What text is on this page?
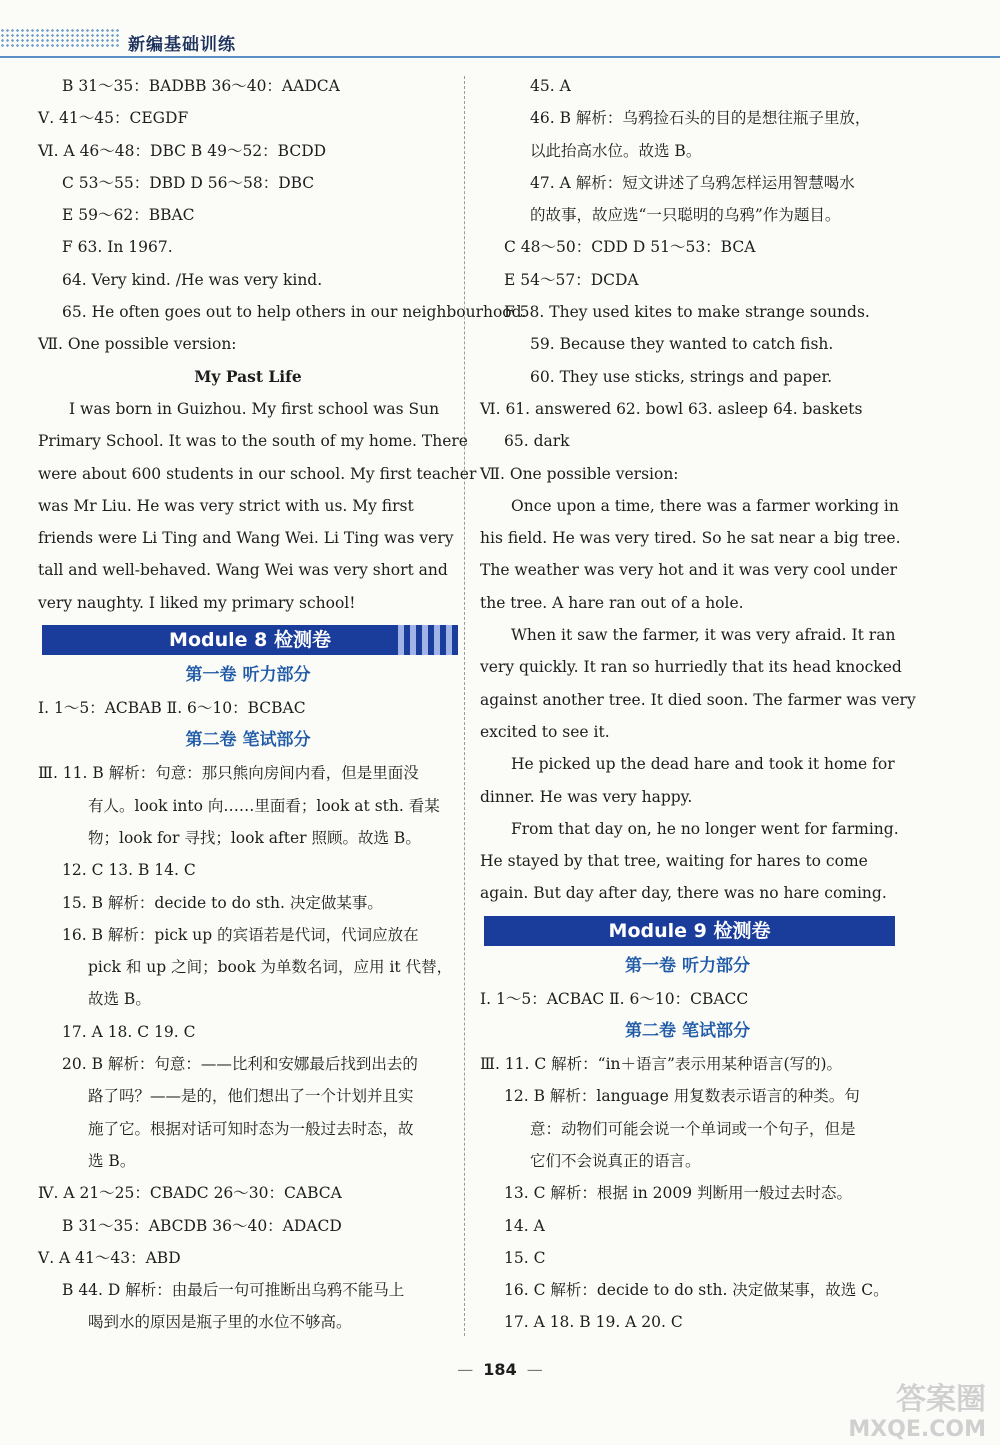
新编基础训练
B 31～35：BADBB 36～40：AADCA
Ⅴ. 41～45：CEGDF
Ⅵ. A 46～48：DBC B 49～52：BCDD
C 53～55：DBD D 56～58：DBC
E 59～62：BBAC
F 63. In 1967.
64. Very kind. /He was very kind.
65. He often goes out to help others in our neighbourhood.
Ⅶ. One possible version:
My Past Life
I was born in Guizhou. My first school was Sun
Primary School. It was to the south of my home. There
were about 600 students in our school. My first teacher
was Mr Liu. He was very strict with us. My first
friends were Li Ting and Wang Wei. Li Ting was very
tall and well-behaved. Wang Wei was very short and
very naughty. I liked my primary school!
Module 8 检测卷
第一卷 听力部分
Ⅰ. 1～5：ACBAB Ⅱ. 6～10：BCBAC
第二卷 笔试部分
Ⅲ. 11. B 解析：句意：那只熊向房间内看，但是里面没
有人。look into 向……里面看；look at sth. 看某
物；look for 寻找；look after 照顾。故选 B。
12. C 13. B 14. C
15. B 解析：decide to do sth. 决定做某事。
16. B 解析：pick up 的宾语若是代词，代词应放在
pick 和 up 之间；book 为单数名词，应用 it 代替，
故选 B。
17. A 18. C 19. C
20. B 解析：句意：——比利和安娜最后找到出去的
路了吗？——是的，他们想出了一个计划并且实
施了它。根据对话可知时态为一般过去时态，故
选 B。
Ⅳ. A 21～25：CBADC 26～30：CABCA
B 31～35：ABCDB 36～40：ADACD
Ⅴ. A 41～43：ABD
B 44. D 解析：由最后一句可推断出乌鸦不能马上
喝到水的原因是瓶子里的水位不够高。
45. A
46. B 解析：乌鸦捡石头的目的是想往瓶子里放，
以此抬高水位。故选 B。
47. A 解析：短文讲述了乌鸦怎样运用智慧喝水
的故事，故应选“一只聪明的乌鸦”作为题目。
C 48～50：CDD D 51～53：BCA
E 54～57：DCDA
F 58. They used kites to make strange sounds.
59. Because they wanted to catch fish.
60. They use sticks, strings and paper.
Ⅵ. 61. answered 62. bowl 63. asleep 64. baskets
65. dark
Ⅶ. One possible version:
Once upon a time, there was a farmer working in
his field. He was very tired. So he sat near a big tree.
The weather was very hot and it was very cool under
the tree. A hare ran out of a hole.
When it saw the farmer, it was very afraid. It ran
very quickly. It ran so hurriedly that its head knocked
against another tree. It died soon. The farmer was very
excited to see it.
He picked up the dead hare and took it home for
dinner. He was very happy.
From that day on, he no longer went for farming.
He stayed by that tree, waiting for hares to come
again. But day after day, there was no hare coming.
Module 9 检测卷
第一卷 听力部分
Ⅰ. 1～5：ACBAC Ⅱ. 6～10：CBACC
第二卷 笔试部分
Ⅲ. 11. C 解析：“in＋语言”表示用某种语言(写的)。
12. B 解析：language 用复数表示语言的种类。句
意：动物们可能会说一个单词或一个句子，但是
它们不会说真正的语言。
13. C 解析：根据 in 2009 判断用一般过去时态。
14. A
15. C
16. C 解析：decide to do sth. 决定做某事，故选 C。
17. A 18. B 19. A 20. C
— 184 —
答案圈
MXQE.COM
